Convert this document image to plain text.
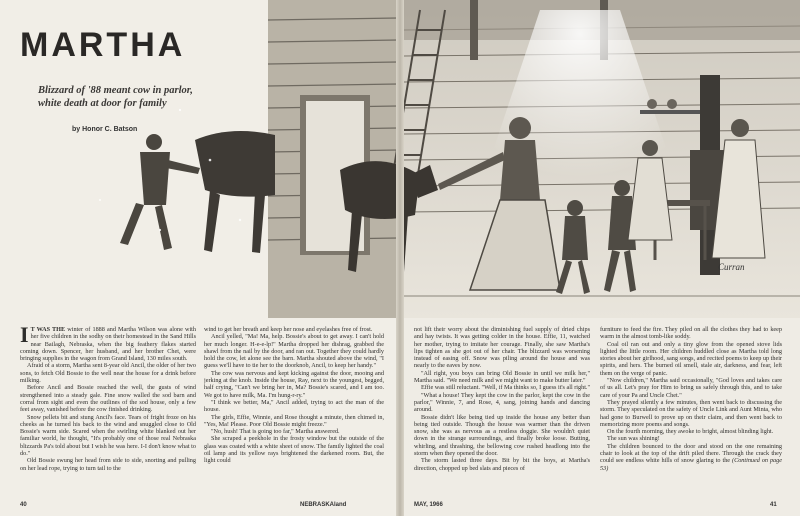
MARTHA
Blizzard of '88 meant cow in parlor,
white death at door for family
by Honor C. Batson
Curran

I T WAS THE winter of 1888 and Martha Wilson was alone with her five children in the sodhy on their homestead in the Sand Hills near Bailagh, Nebraska, when the big feathery flakes started coming down. Spencer, her husband, and her brother Chet, were bringing supplies in the wagon from Grand Island, 130 miles south.

Afraid of a storm, Martha sent 8-year old Ancil, the older of her two sons, to fetch Old Bossie to the well near the house for a drink before milking.

Before Ancil and Bossie reached the well, the gusts of wind strengthened into a steady gale. Fine snow walled the sod barn and corral from sight and even the outlines of the sod house, only a few feet away, vanished before the cow finished drinking.

Snow pellets bit and stung Ancil's face. Tears of fright froze on his cheeks as he turned his back to the wind and snuggled close to Old Bossie's warm side. Scared when the swirling white blanked out her familiar world, he thought, "It's probably one of those real Nebraska blizzards Pa's told about but I wish he was here. I-I don't know what to do."

Old Bossie swung her head from side to side, snorting and pulling on her lead rope, trying to turn tail to the

wind to get her breath and keep her nose and eyelashes free of frost.

Ancil yelled, "Ma! Ma, help. Bossie's about to get away. I can't hold her much longer. H-e-e-lp!" Martha dropped her dishrag, grabbed the shawl from the nail by the door, and ran out. Together they could hardly hold the cow, let alone see the barn. Martha shouted above the wind, "I guess we'll have to tie her to the doorknob, Ancil, to keep her handy."

The cow was nervous and kept kicking against the door, mooing and jerking at the knob. Inside the house, Ray, next to the youngest, begged, half crying, "Can't we bring her in, Ma? Bossie's scared, and I am too. We got to have milk, Ma. I'm hung-r-ry."

"I think we better, Ma," Ancil added, trying to act the man of the house.

The girls, Effie, Winnie, and Rose thought a minute, then chimed in, "Yes, Ma! Please. Poor Old Bossie might freeze."

"No, hush! That is going too far," Martha answered.

She scraped a peekhole in the frosty window but the outside of the glass was coated with a white sheet of snow. The family lighted the coal oil lamp and its yellow rays brightened the darkened room. But, the light could

not lift their worry about the diminishing fuel supply of dried chips and hay twists. It was getting colder in the house. Effie, 11, watched her mother, trying to imitate her courage. Finally, she saw Martha's lips tighten as she got out of her chair. The blizzard was worsening instead of easing off. Snow was piling around the house and was nearly to the eaves by now.

"All right, you boys can bring Old Bossie in until we milk her," Martha said. "We need milk and we might want to make butter later."

Effie was still reluctant. "Well, if Ma thinks so, I guess it's all right."

"What a house! They kept the cow in the parlor, kept the cow in the parlor," Winnie, 7, and Rose, 4, sang, joining hands and dancing around.

Bossie didn't like being tied up inside the house any better than being tied outside. Though the house was warmer than the driven snow, she was as nervous as a restless doggie. She wouldn't quiet down in the strange surroundings, and finally broke loose. Butting, whirling, and thrashing, the bellowing cow rushed headlong into the storm when they opened the door.

The storm lasted three days. Bit by bit the boys, at Martha's direction, chopped up bed slats and pieces of

furniture to feed the fire. They piled on all the clothes they had to keep warm in the almost tomb-like soddy.

Coal oil ran out and only a tiny glow from the opened stove lids lighted the little room. Her children huddled close as Martha told long stories about her girlhood, sang songs, and recited poems to keep up their spirits, and hers. The burned oil smell, stale air, darkness, and fear, left them on the verge of panic.

"Now children," Martha said occasionally, "God loves and takes care of us all. Let's pray for Him to bring us safely through this, and to take care of your Pa and Uncle Chet."

They prayed silently a few minutes, then went back to discussing the storm. They speculated on the safety of Uncle Link and Aunt Minta, who had gone to Burwell to prove up on their claim, and then went back to memorizing more poems and songs.

On the fourth morning, they awoke to bright, almost blinding light.

The sun was shining!

The children bounced to the door and stood on the one remaining chair to look at the top of the drift piled there. Through the crack they could see endless white hills of snow glaring to the (Continued on page 53)

40	NEBRASKAland	MAY, 1966	41
